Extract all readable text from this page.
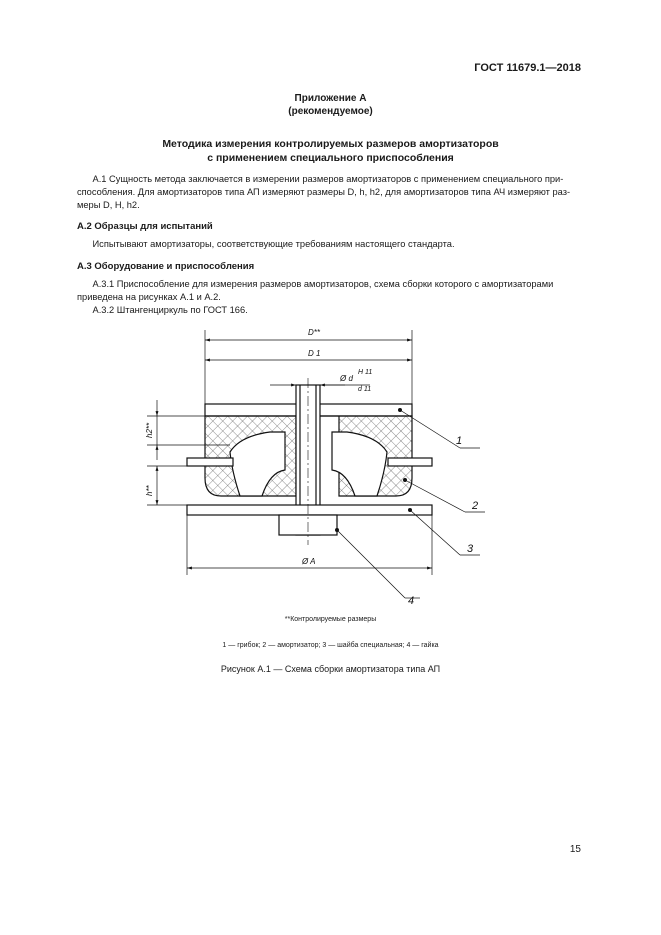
ГОСТ 11679.1—2018
Приложение А
(рекомендуемое)
Методика измерения контролируемых размеров амортизаторов
с применением специального приспособления
А.1 Сущность метода заключается в измерении размеров амортизаторов с применением специального при-
способления. Для амортизаторов типа АП измеряют размеры D, h, h2, для амортизаторов типа АЧ измеряют раз-
меры D, H, h2.
А.2 Образцы для испытаний
Испытывают амортизаторы, соответствующие требованиям настоящего стандарта.
А.3 Оборудование и приспособления
А.3.1 Приспособление для измерения размеров амортизаторов, схема сборки которого с амортизаторами
приведена на рисунках А.1 и А.2.
А.3.2 Штангенциркуль по ГОСТ 166.
D**
D 1
Ø d
H 11
d 11
Ø A
h2**
h**
1
2
3
4
**Контролируемые размеры
1 — грибок; 2 — амортизатор; 3 — шайба специальная; 4 — гайка
Рисунок А.1 — Схема сборки амортизатора типа АП
15
